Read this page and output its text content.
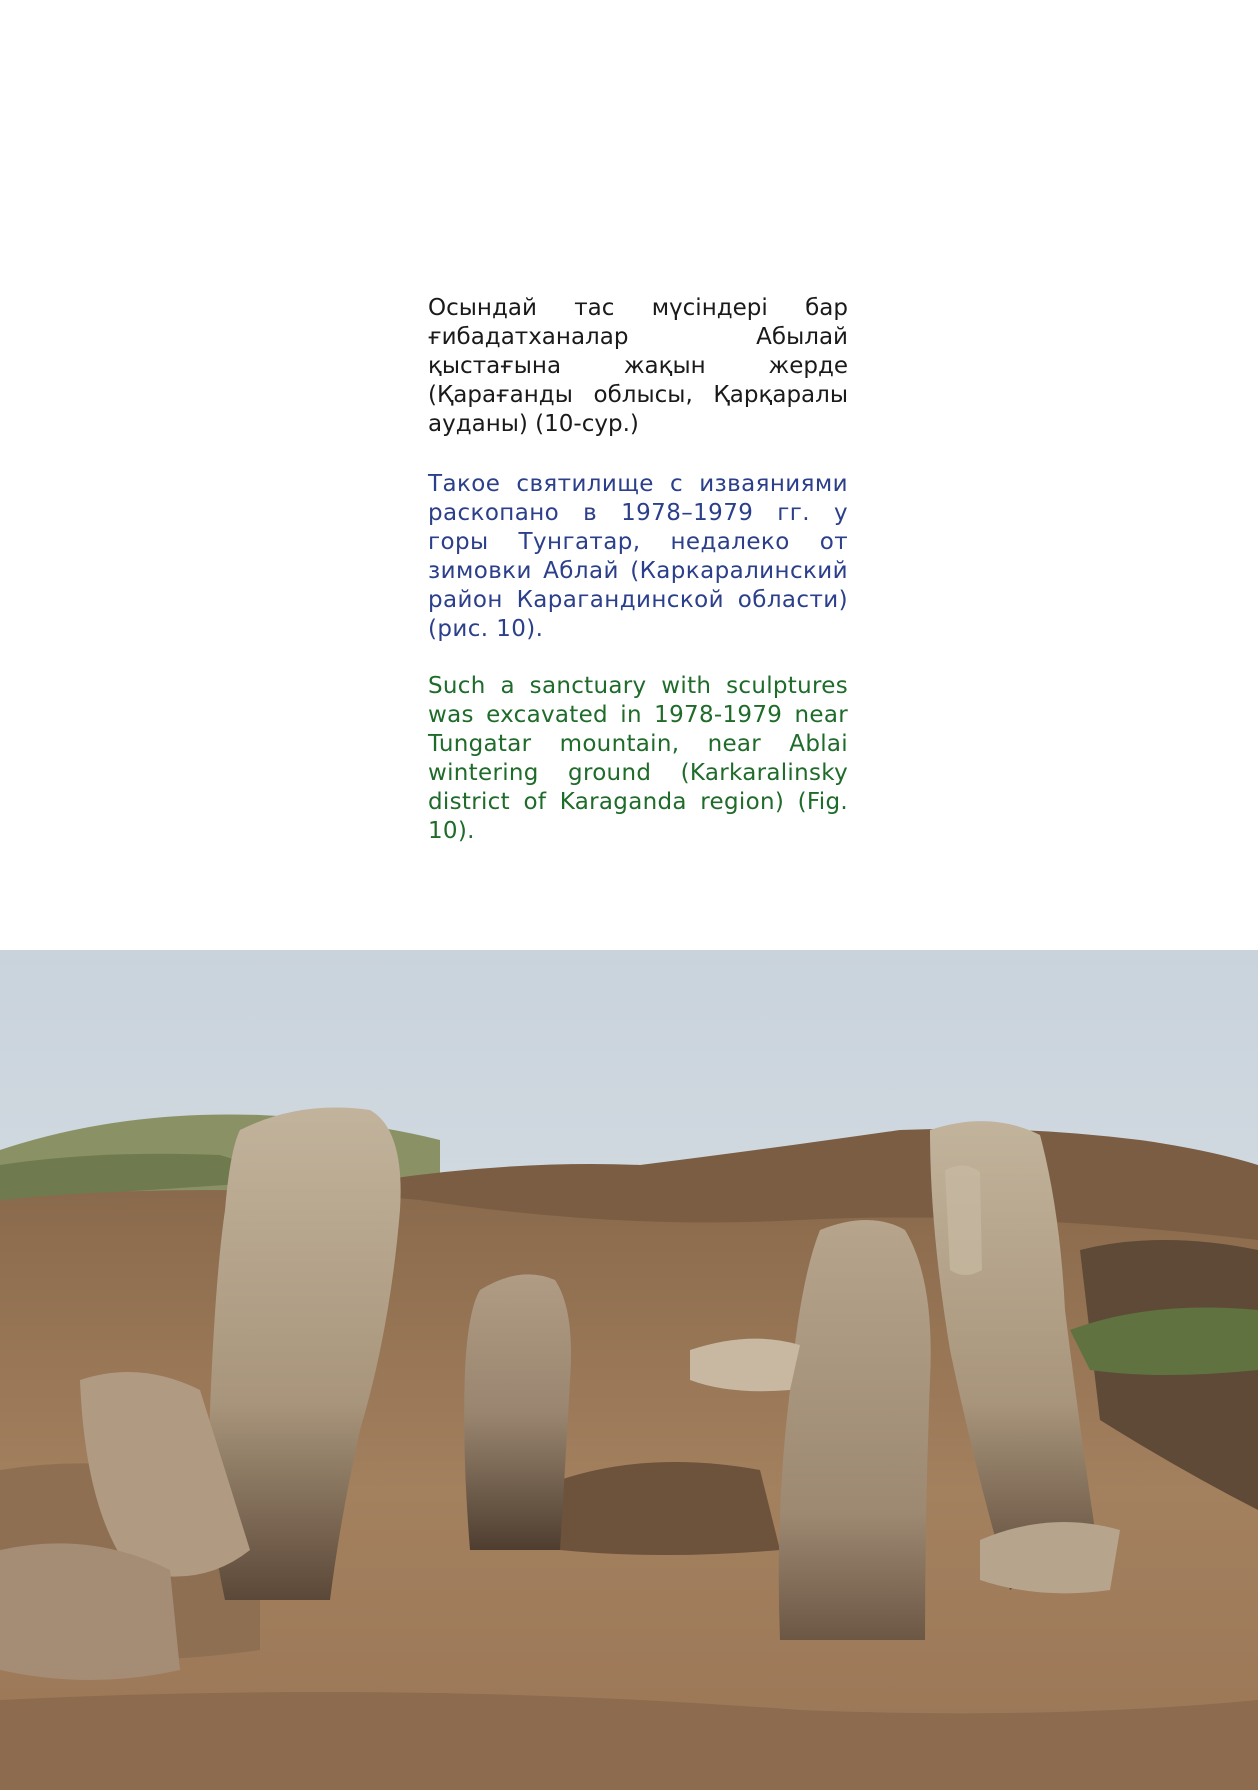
Осындай тас мүсіндері бар ғибадатханалар Абылай қыстағына жақын жерде (Қарағанды облысы, Қарқаралы ауданы) (10-сур.)

Такое святилище с изваяниями раскопано в 1978–1979 гг. у горы Тунгатар, недалеко от зимовки Аблай (Каркаралинский район Карагандинской области) (рис. 10).

Such a sanctuary with sculptures was excavated in 1978-1979 near Tungatar mountain, near Ablai wintering ground (Karkaralinsky district of Karaganda region) (Fig. 10).
